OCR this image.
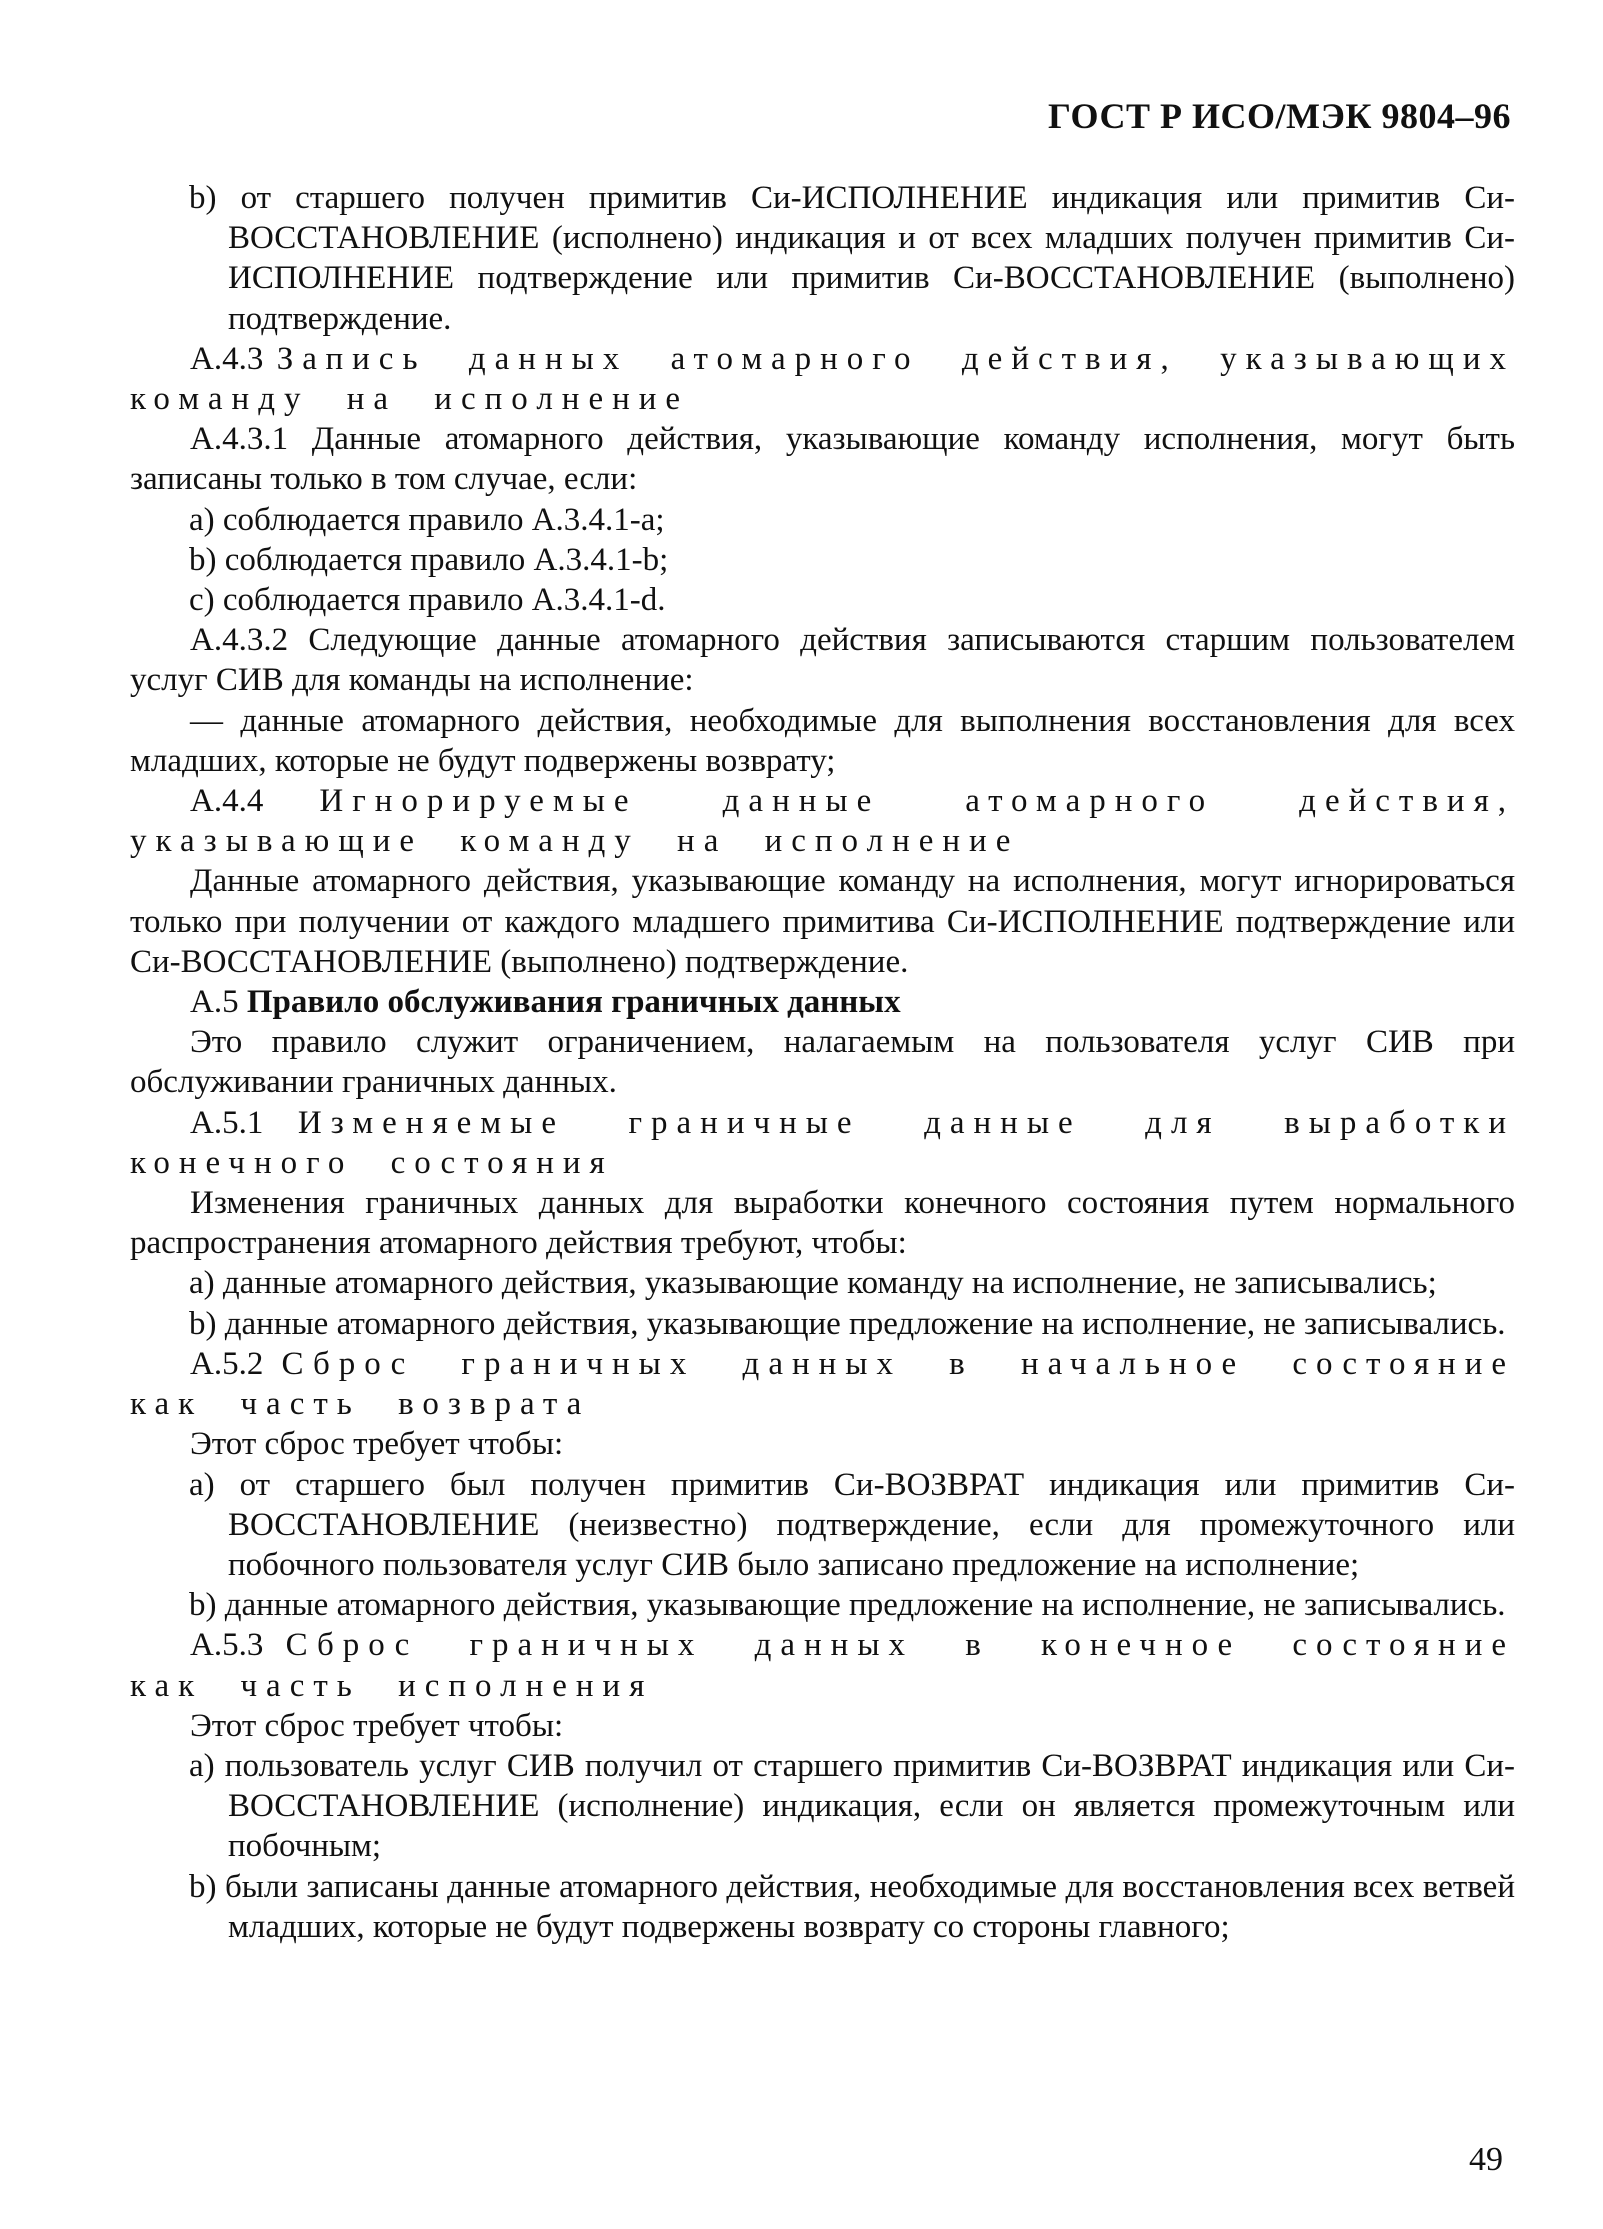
ГОСТ Р ИСО/МЭК 9804–96

b) от старшего получен примитив Си-ИСПОЛНЕНИЕ индикация или примитив Си-ВОССТАНОВЛЕНИЕ (исполнено) индикация и от всех младших получен примитив Си-ИСПОЛНЕНИЕ подтверждение или примитив Си-ВОССТАНОВЛЕНИЕ (выполнено) подтверждение.

А.4.3 Запись данных атомарного действия, указывающих команду на исполнение

А.4.3.1 Данные атомарного действия, указывающие команду исполнения, могут быть записаны только в том случае, если:

a) соблюдается правило А.3.4.1-a;

b) соблюдается правило А.3.4.1-b;

c) соблюдается правило А.3.4.1-d.

А.4.3.2 Следующие данные атомарного действия записываются старшим пользователем услуг СИВ для команды на исполнение:

— данные атомарного действия, необходимые для выполнения восстановления для всех младших, которые не будут подвержены возврату;

А.4.4 Игнорируемые данные атомарного действия, указывающие команду на исполнение

Данные атомарного действия, указывающие команду на исполнения, могут игнорироваться только при получении от каждого младшего примитива Си-ИСПОЛНЕНИЕ подтверждение или Си-ВОССТАНОВЛЕНИЕ (выполнено) подтверждение.

А.5 Правило обслуживания граничных данных

Это правило служит ограничением, налагаемым на пользователя услуг СИВ при обслуживании граничных данных.

А.5.1 Изменяемые граничные данные для выработки конечного состояния

Изменения граничных данных для выработки конечного состояния путем нормального распространения атомарного действия требуют, чтобы:

a) данные атомарного действия, указывающие команду на исполнение, не записывались;

b) данные атомарного действия, указывающие предложение на исполнение, не записывались.

А.5.2 Сброс граничных данных в начальное состояние как часть возврата

Этот сброс требует чтобы:

a) от старшего был получен примитив Си-ВОЗВРАТ индикация или примитив Си-ВОССТАНОВЛЕНИЕ (неизвестно) подтверждение, если для промежуточного или побочного пользователя услуг СИВ было записано предложение на исполнение;

b) данные атомарного действия, указывающие предложение на исполнение, не записывались.

А.5.3 Сброс граничных данных в конечное состояние как часть исполнения

Этот сброс требует чтобы:

a) пользователь услуг СИВ получил от старшего примитив Си-ВОЗВРАТ индикация или Си-ВОССТАНОВЛЕНИЕ (исполнение) индикация, если он является промежуточным или побочным;

b) были записаны данные атомарного действия, необходимые для восстановления всех ветвей младших, которые не будут подвержены возврату со стороны главного;

49
